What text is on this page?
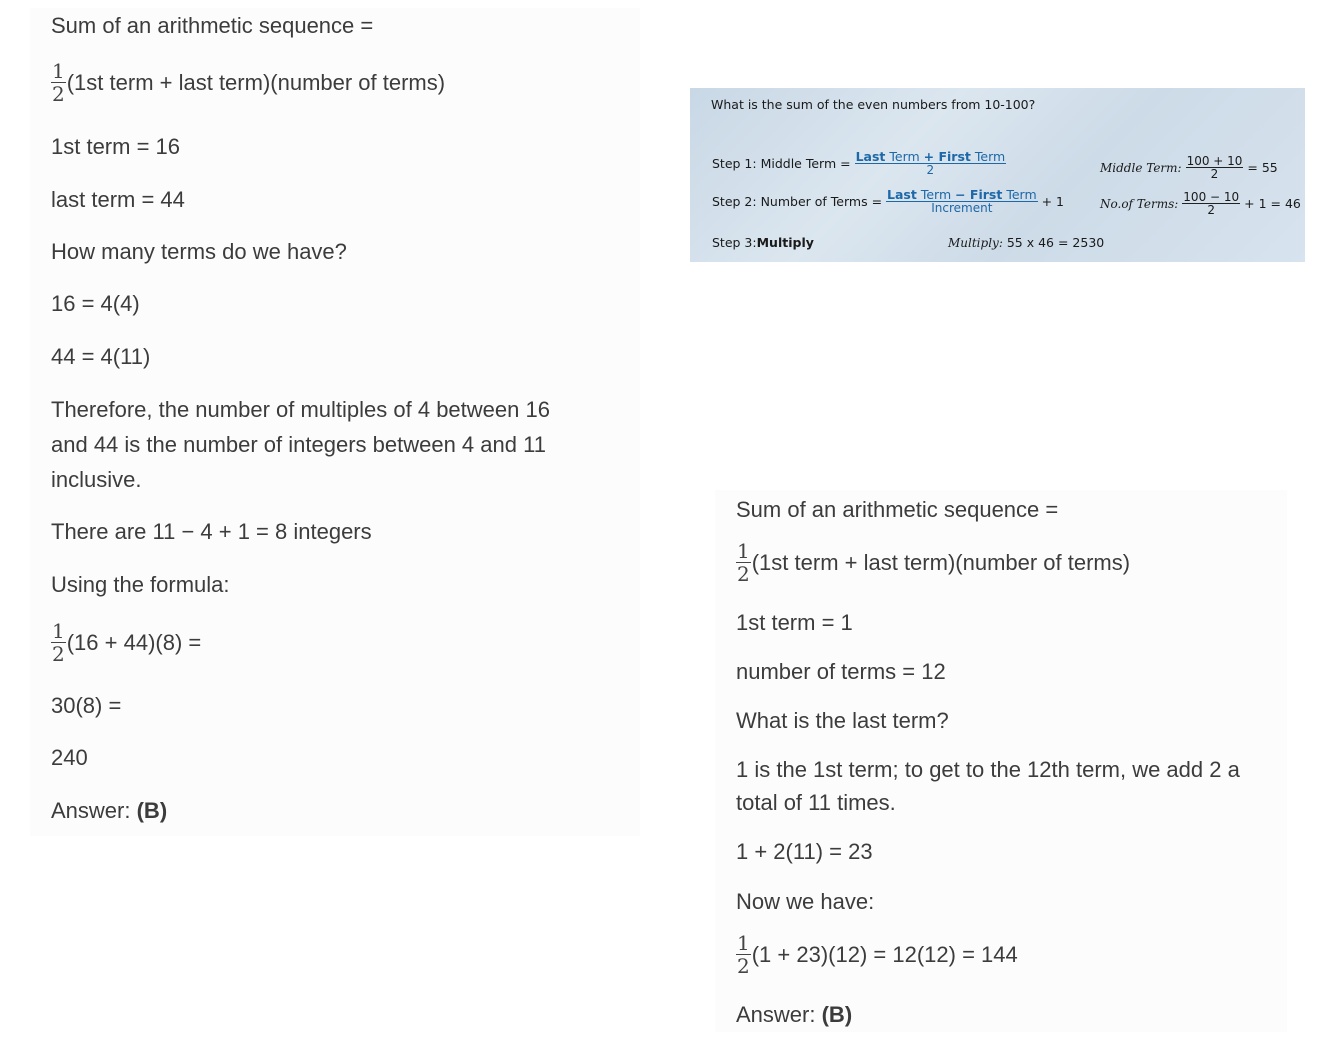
Sum of an arithmetic sequence =
$\frac{1}{2} (1st$ term + last term)(number of terms)
1st term = 16
last term = 44
How many terms do we have?
16 = 4(4)
44 = 4(11)
Therefore, the number of multiples of 4 between 16
and 44 is the number of integers between 4 and 11
inclusive.
There are 11 − 4 + 1 = 8 integers
Using the formula:
$\frac{1}{2} (16 + 44)(8)$ =
30(8) =
240
Answer: (B)
What is the sum of the even numbers from 10-100?
Step 1: Middle Term =
Last Term + First Term
2
Step 2: Number of Terms =
Last Term − First Term
Increment
	+ 1
Step 3: Multiply
Middle Term:
$\frac{100 + 10}{2}$
= 55
No.of Terms:
100 − 10
2
	+ 1 = 46
Multiply:
55 x 46 = 2530
Sum of an arithmetic sequence =
$\frac{1}{2} (1st$ term + last term)(number of terms)
1st term = 1
number of terms = 12
What is the last term?
1 is the 1st term; to get to the 12th term, we add 2 a
total of 11 times.
1 + 2(11) = 23
Now we have:
$\frac{1}{2} (1 + 23)(12) = 12(12) = 144$
Answer: (B)
